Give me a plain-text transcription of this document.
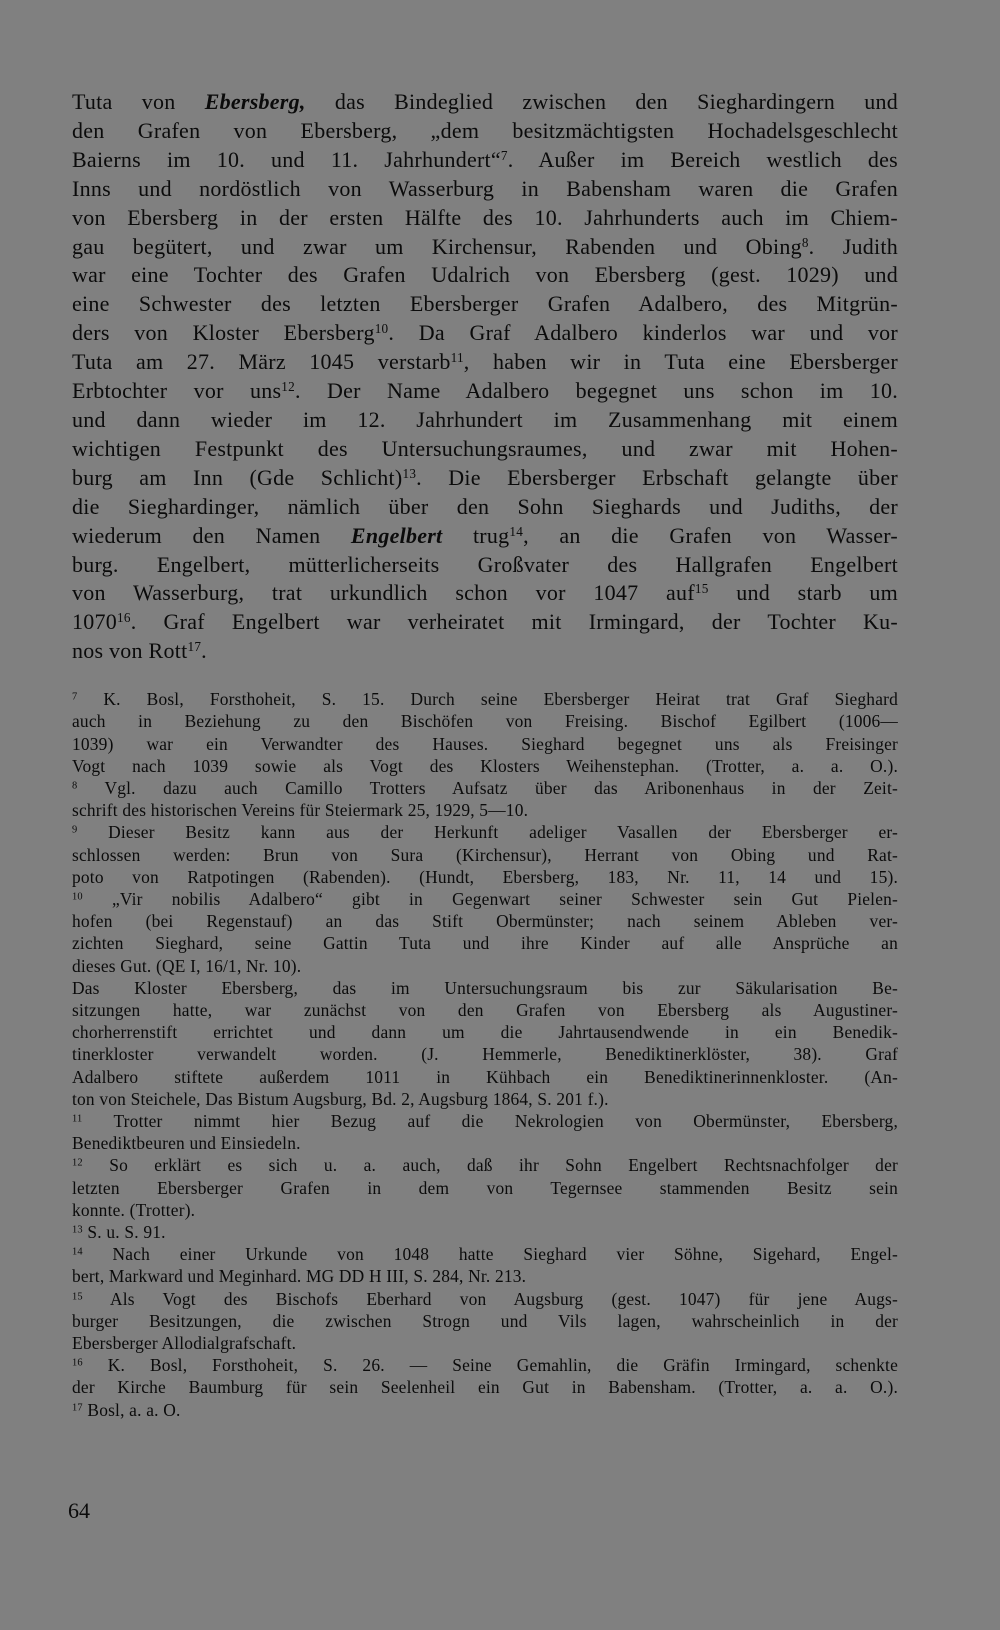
Tuta von Ebersberg, das Bindeglied zwischen den Sieghardingern und
den Grafen von Ebersberg, „dem besitzmächtigsten Hochadelsgeschlecht
Baierns im 10. und 11. Jahrhundert“$^7$. Außer im Bereich westlich des
Inns und nordöstlich von Wasserburg in Babensham waren die Grafen
von Ebersberg in der ersten Hälfte des 10. Jahrhunderts auch im Chiem-
gau begütert, und zwar um Kirchensur, Rabenden und Obing$^8$. Judith
war eine Tochter des Grafen Udalrich von Ebersberg (gest. 1029) und
eine Schwester des letzten Ebersberger Grafen Adalbero, des Mitgrün-
ders von Kloster Ebersberg$^{10}$. Da Graf Adalbero kinderlos war und vor
Tuta am 27. März 1045 verstarb$^{11}$, haben wir in Tuta eine Ebersberger
Erbtochter vor uns$^{12}$. Der Name Adalbero begegnet uns schon im 10.
und dann wieder im 12. Jahrhundert im Zusammenhang mit einem
wichtigen Festpunkt des Untersuchungsraumes, und zwar mit Hohen-
burg am Inn (Gde Schlicht)$^{13}$. Die Ebersberger Erbschaft gelangte über
die Sieghardinger, nämlich über den Sohn Sieghards und Judiths, der
wiederum den Namen Engelbert trug$^{14}$, an die Grafen von Wasser-
burg. Engelbert, mütterlicherseits Großvater des Hallgrafen Engelbert
von Wasserburg, trat urkundlich schon vor 1047 auf$^{15}$ und starb um
1070$^{16}$. Graf Engelbert war verheiratet mit Irmingard, der Tochter Ku-
nos von Rott$^{17}$.
$^7$ K. Bosl, Forsthoheit, S. 15. Durch seine Ebersberger Heirat trat Graf Sieghard
auch in Beziehung zu den Bischöfen von Freising. Bischof Egilbert (1006—
1039) war ein Verwandter des Hauses. Sieghard begegnet uns als Freisinger
Vogt nach 1039 sowie als Vogt des Klosters Weihenstephan. (Trotter, a. a. O.).
$^8$ Vgl. dazu auch Camillo Trotters Aufsatz über das Aribonenhaus in der Zeit-
schrift des historischen Vereins für Steiermark 25, 1929, 5—10.
$^9$ Dieser Besitz kann aus der Herkunft adeliger Vasallen der Ebersberger er-
schlossen werden: Brun von Sura (Kirchensur), Herrant von Obing und Rat-
poto von Ratpotingen (Rabenden). (Hundt, Ebersberg, 183, Nr. 11, 14 und 15).
$^{10}$ „Vir nobilis Adalbero“ gibt in Gegenwart seiner Schwester sein Gut Pielen-
hofen (bei Regenstauf) an das Stift Obermünster; nach seinem Ableben ver-
zichten Sieghard, seine Gattin Tuta und ihre Kinder auf alle Ansprüche an
dieses Gut. (QE I, 16/1, Nr. 10).
Das Kloster Ebersberg, das im Untersuchungsraum bis zur Säkularisation Be-
sitzungen hatte, war zunächst von den Grafen von Ebersberg als Augustiner-
chorherrenstift errichtet und dann um die Jahrtausendwende in ein Benedik-
tinerkloster verwandelt worden. (J. Hemmerle, Benediktinerklöster, 38). Graf
Adalbero stiftete außerdem 1011 in Kühbach ein Benediktinerinnenkloster. (An-
ton von Steichele, Das Bistum Augsburg, Bd. 2, Augsburg 1864, S. 201 f.).
$^{11}$ Trotter nimmt hier Bezug auf die Nekrologien von Obermünster, Ebersberg,
Benediktbeuren und Einsiedeln.
$^{12}$ So erklärt es sich u. a. auch, daß ihr Sohn Engelbert Rechtsnachfolger der
letzten Ebersberger Grafen in dem von Tegernsee stammenden Besitz sein
konnte. (Trotter).
$^{13}$ S. u. S. 91.
$^{14}$ Nach einer Urkunde von 1048 hatte Sieghard vier Söhne, Sigehard, Engel-
bert, Markward und Meginhard. MG DD H III, S. 284, Nr. 213.
$^{15}$ Als Vogt des Bischofs Eberhard von Augsburg (gest. 1047) für jene Augs-
burger Besitzungen, die zwischen Strogn und Vils lagen, wahrscheinlich in der
Ebersberger Allodialgrafschaft.
$^{16}$ K. Bosl, Forsthoheit, S. 26. — Seine Gemahlin, die Gräfin Irmingard, schenkte
der Kirche Baumburg für sein Seelenheil ein Gut in Babensham. (Trotter, a. a. O.).
$^{17}$ Bosl, a. a. O.
64
